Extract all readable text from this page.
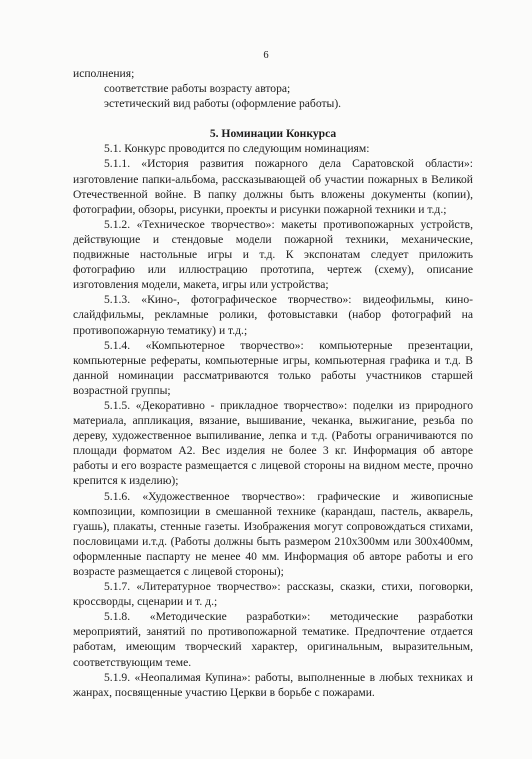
6

исполнения;

соответствие работы возрасту автора;

эстетический вид работы (оформление работы).

5. Номинации Конкурса

5.1. Конкурс проводится по следующим номинациям:

5.1.1. «История развития пожарного дела Саратовской области»: изготовление папки-альбома, рассказывающей об участии пожарных в Великой Отечественной войне. В папку должны быть вложены документы (копии), фотографии, обзоры, рисунки, проекты и рисунки пожарной техники и т.д.;

5.1.2. «Техническое творчество»: макеты противопожарных устройств, действующие и стендовые модели пожарной техники, механические, подвижные настольные игры и т.д. К экспонатам следует приложить фотографию или иллюстрацию прототипа, чертеж (схему), описание изготовления модели, макета, игры или устройства;

5.1.3. «Кино-, фотографическое творчество»: видеофильмы, кино-слайдфильмы, рекламные ролики, фотовыставки (набор фотографий на противопожарную тематику) и т.д.;

5.1.4. «Компьютерное творчество»: компьютерные презентации, компьютерные рефераты, компьютерные игры, компьютерная графика и т.д. В данной номинации рассматриваются только работы участников старшей возрастной группы;

5.1.5. «Декоративно - прикладное творчество»: поделки из природного материала, аппликация, вязание, вышивание, чеканка, выжигание, резьба по дереву, художественное выпиливание, лепка и т.д. (Работы ограничиваются по площади форматом А2. Вес изделия не более 3 кг. Информация об авторе работы и его возрасте размещается с лицевой стороны на видном месте, прочно крепится к изделию);

5.1.6. «Художественное творчество»: графические и живописные композиции, композиции в смешанной технике (карандаш, пастель, акварель, гуашь), плакаты, стенные газеты. Изображения могут сопровождаться стихами, пословицами и.т.д. (Работы должны быть размером 210х300мм или 300х400мм, оформленные паспарту не менее 40 мм. Информация об авторе работы и его возрасте размещается с лицевой стороны);

5.1.7. «Литературное творчество»: рассказы, сказки, стихи, поговорки, кроссворды, сценарии и т. д.;

5.1.8. «Методические разработки»: методические разработки мероприятий, занятий по противопожарной тематике. Предпочтение отдается работам, имеющим творческий характер, оригинальным, выразительным, соответствующим теме.

5.1.9. «Неопалимая Купина»: работы, выполненные в любых техниках и жанрах, посвященные участию Церкви в борьбе с пожарами.
